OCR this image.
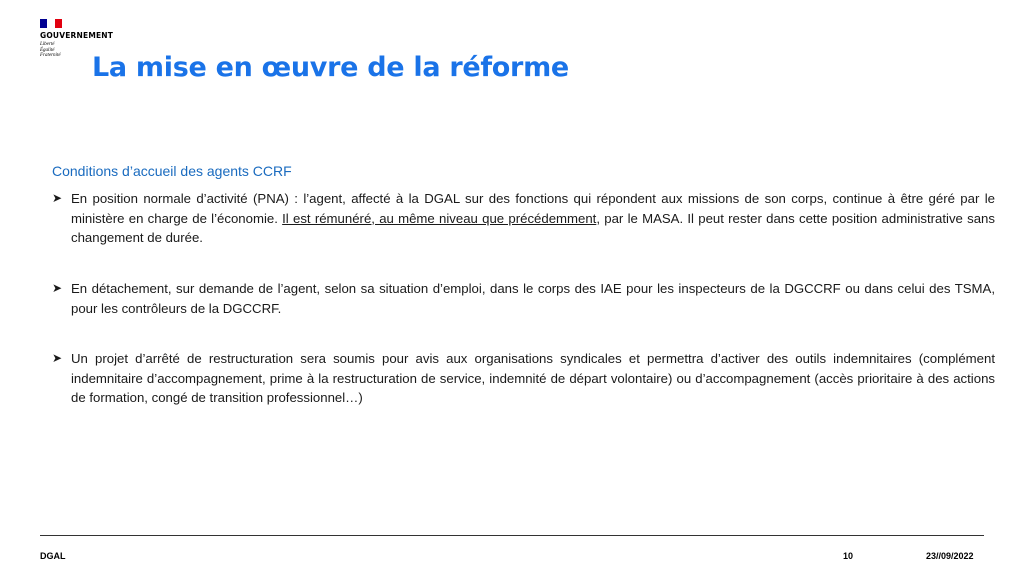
GOUVERNEMENT
Liberté
Égalité
Fraternité	La mise en œuvre de la réforme
Conditions d’accueil des agents CCRF
➤ En position normale d’activité (PNA) : l’agent, affecté à la DGAL sur des fonctions qui répondent aux missions de son corps, continue à être géré par le ministère en charge de l’économie. Il est rémunéré, au même niveau que précédemment, par le MASA. Il peut rester dans cette position administrative sans changement de durée.

➤ En détachement, sur demande de l’agent, selon sa situation d’emploi, dans le corps des IAE pour les inspecteurs de la DGCCRF ou dans celui des TSMA, pour les contrôleurs de la DGCCRF.

➤ Un projet d’arrêté de restructuration sera soumis pour avis aux organisations syndicales et permettra d’activer des outils indemnitaires (complément indemnitaire d’accompagnement, prime à la restructuration de service, indemnité de départ volontaire) ou d’accompagnement (accès prioritaire à des actions de formation, congé de transition professionnel…)

DGAL	10	23//09/2022
